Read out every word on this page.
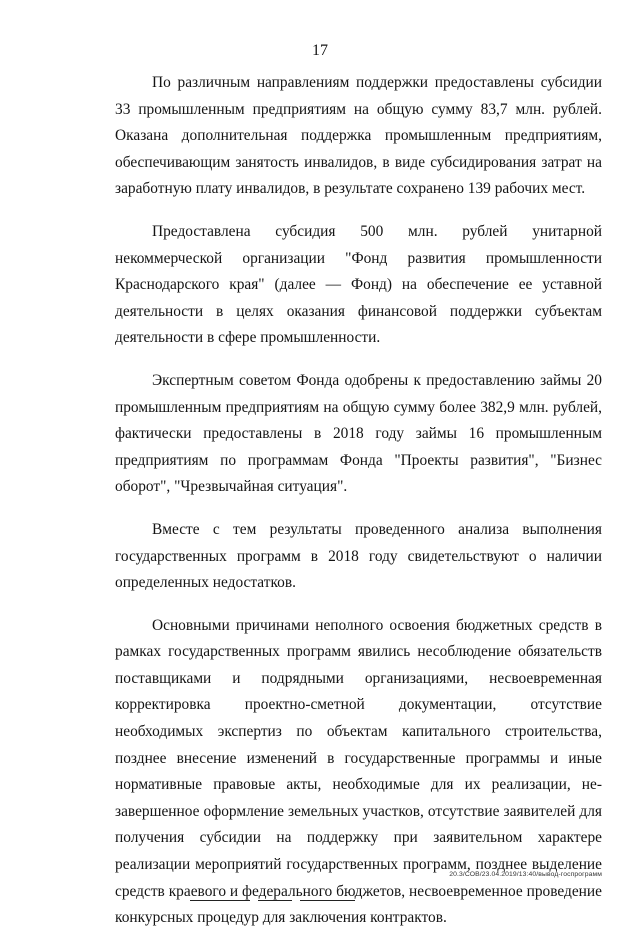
17

По различным направлениям поддержки предоставлены субсидии 33 промышленным предприятиям на общую сумму 83,7 млн. рублей. Оказана дополнительная поддержка промышленным предприятиям, обеспечивающим занятость инвалидов, в виде субсидирования затрат на заработную плату инвалидов, в результате сохранено 139 рабочих мест.

Предоставлена субсидия 500 млн. рублей унитарной некоммерческой организации "Фонд развития промышленности Краснодарского края" (далее — Фонд) на обеспечение ее уставной деятельности в целях оказания финансовой поддержки субъектам деятельности в сфере промышленности.

Экспертным советом Фонда одобрены к предоставлению займы 20 промышленным предприятиям на общую сумму более 382,9 млн. рублей, фактически предоставлены в 2018 году займы 16 промышленным предприятиям по программам Фонда "Проекты развития", "Бизнес оборот", "Чрезвычайная ситуация".

Вместе с тем результаты проведенного анализа выполнения государственных программ в 2018 году свидетельствуют о наличии определенных недостатков.

Основными причинами неполного освоения бюджетных средств в рамках государственных программ явились несоблюдение обязательств поставщиками и подрядными организациями, несвоевременная корректировка проектно-сметной документации, отсутствие необходимых экспертиз по объектам капитального строительства, позднее внесение изменений в государственные программы и иные нормативные правовые акты, необходимые для их реализации, незавершенное оформление земельных участков, отсутствие заявителей для получения субсидии на поддержку при заявительном характере реализации мероприятий государственных программ, позднее выделение средств краевого и федерального бюджетов, несвоевременное проведение конкурсных процедур для заключения контрактов.

20.3/СОВ/23.04.2019/13:40/вывод-госпрограмм
